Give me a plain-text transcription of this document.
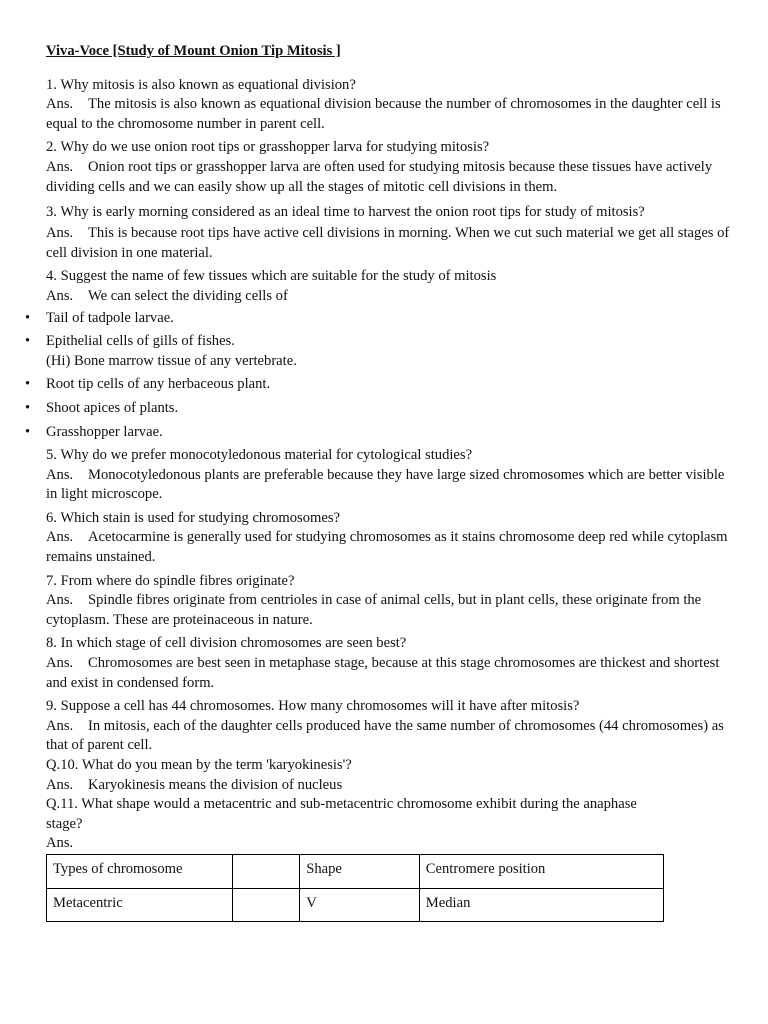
Viva-Voce [Study of Mount Onion Tip Mitosis ]

1. Why mitosis is also known as equational division?

Ans. The mitosis is also known as equational division because the number of chromosomes in the daughter cell is equal to the chromosome number in parent cell.

2. Why do we use onion root tips or grasshopper larva for studying mitosis?

Ans. Onion root tips or grasshopper larva are often used for studying mitosis because these tissues have actively dividing cells and we can easily show up all the stages of mitotic cell divisions in them.

3. Why is early morning considered as an ideal time to harvest the onion root tips for study of mitosis?

Ans. This is because root tips have active cell divisions in morning. When we cut such material we get all stages of cell division in one material.

4. Suggest the name of few tissues which are suitable for the study of mitosis

Ans. We can select the dividing cells of

• Tail of tadpole larvae.
• Epithelial cells of gills of fishes.
(Hi) Bone marrow tissue of any vertebrate.
• Root tip cells of any herbaceous plant.
• Shoot apices of plants.
• Grasshopper larvae.

5. Why do we prefer monocotyledonous material for cytological studies?

Ans. Monocotyledonous plants are preferable because they have large sized chromosomes which are better visible in light microscope.

6. Which stain is used for studying chromosomes?

Ans. Acetocarmine is generally used for studying chromosomes as it stains chromosome deep red while cytoplasm remains unstained.

7. From where do spindle fibres originate?

Ans. Spindle fibres originate from centrioles in case of animal cells, but in plant cells, these originate from the cytoplasm. These are proteinaceous in nature.

8. In which stage of cell division chromosomes are seen best?

Ans. Chromosomes are best seen in metaphase stage, because at this stage chromosomes are thickest and shortest and exist in condensed form.

9. Suppose a cell has 44 chromosomes. How many chromosomes will it have after mitosis?

Ans. In mitosis, each of the daughter cells produced have the same number of chromosomes (44 chromosomes) as that of parent cell.

Q.10. What do you mean by the term 'karyokinesis'?

Ans. Karyokinesis means the division of nucleus

Q.11. What shape would a metacentric and sub-metacentric chromosome exhibit during the anaphase stage?

Ans.

Types of chromosome		Shape	Centromere position
Metacentric		V	Median
